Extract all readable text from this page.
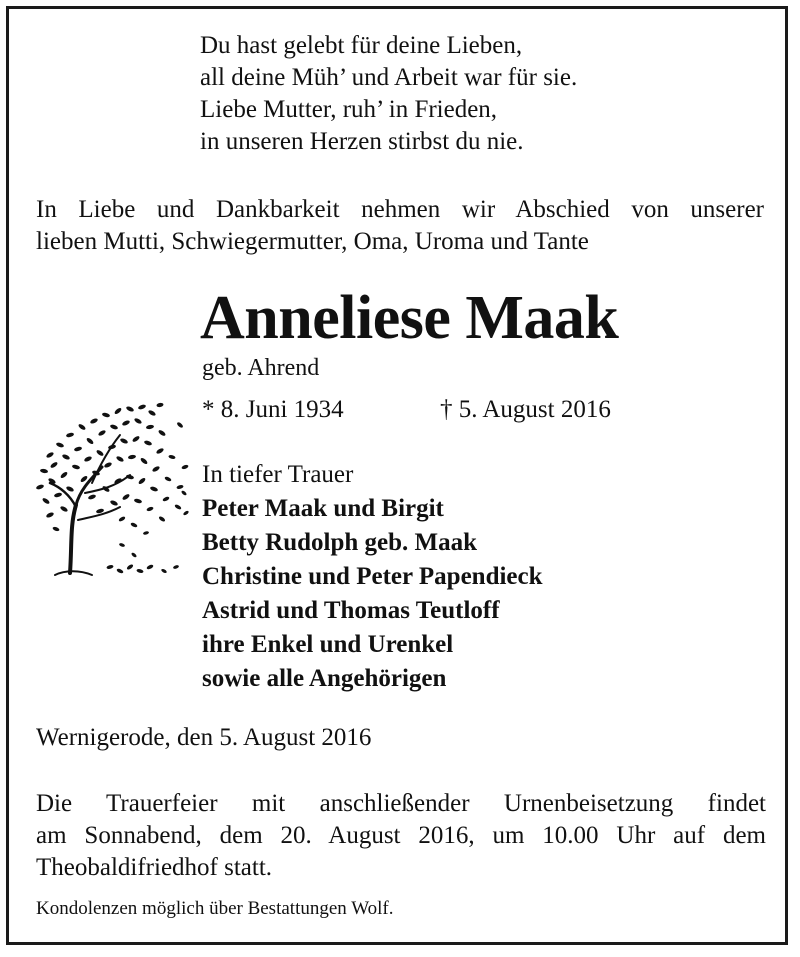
Du hast gelebt für deine Lieben,
all deine Müh’ und Arbeit war für sie.
Liebe Mutter, ruh’ in Frieden,
in unseren Herzen stirbst du nie.
In Liebe und Dankbarkeit nehmen wir Abschied von unserer
lieben Mutti, Schwiegermutter, Oma, Uroma und Tante
Anneliese Maak
geb. Ahrend
* 8. Juni 1934	† 5. August 2016
In tiefer Trauer
Peter Maak und Birgit
Betty Rudolph geb. Maak
Christine und Peter Papendieck
Astrid und Thomas Teutloff
ihre Enkel und Urenkel
sowie alle Angehörigen
Wernigerode, den 5. August 2016
Die Trauerfeier mit anschließender Urnenbeisetzung findet
am Sonnabend, dem 20. August 2016, um 10.00 Uhr auf dem
Theobaldifriedhof statt.
Kondolenzen möglich über Bestattungen Wolf.
